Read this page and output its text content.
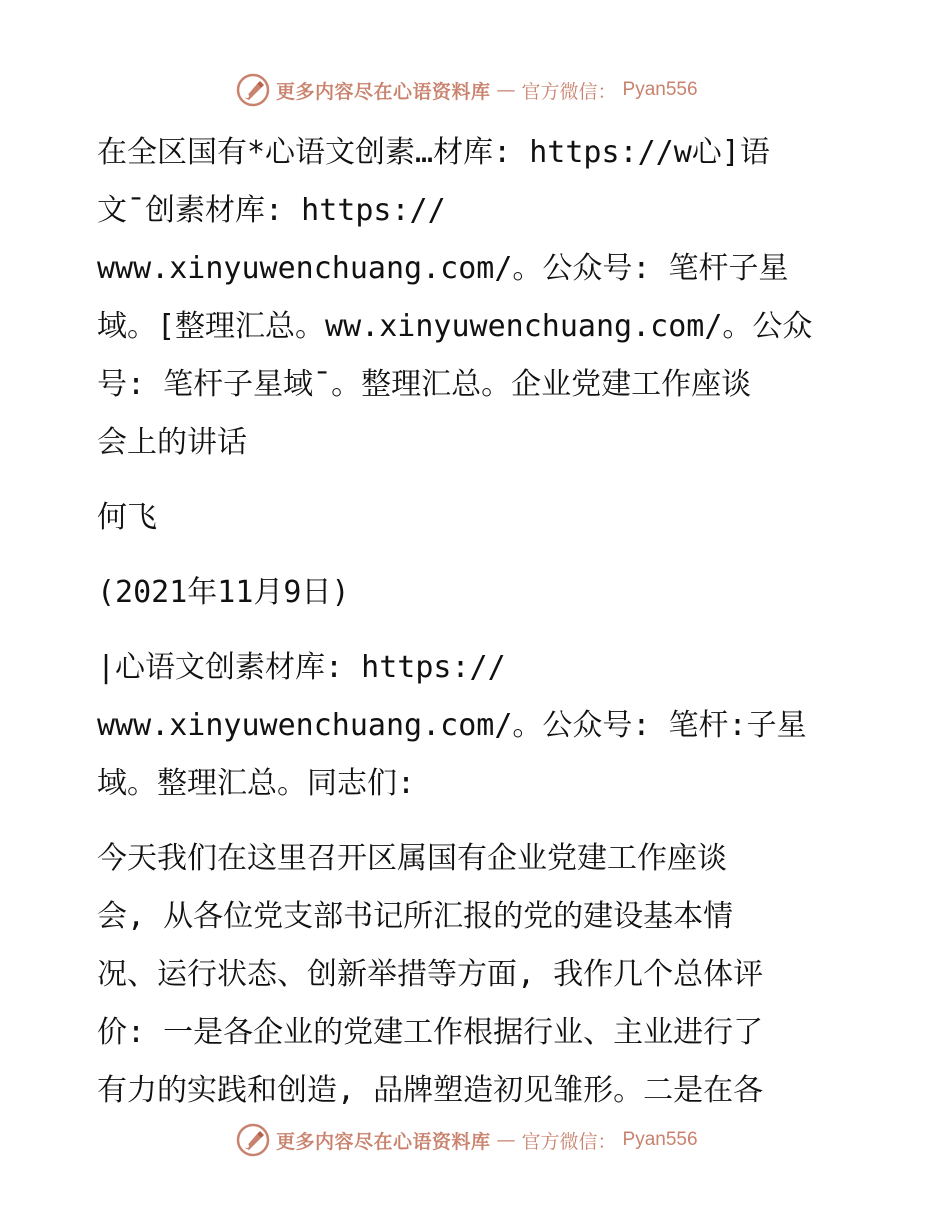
更多内容尽在心语资料库 — 官方微信： Pyan556

在全区国有*心语文创素…材库: https://w心]语
文¯创素材库: https://
www.xinyuwenchuang.com/。公众号: 笔杆子星
域。[整理汇总。ww.xinyuwenchuang.com/。公众
号: 笔杆子星域¯。整理汇总。企业党建工作座谈
会上的讲话

何飞

(2021年11月9日)

|心语文创素材库: https://
www.xinyuwenchuang.com/。公众号: 笔杆:子星
域。整理汇总。同志们:

今天我们在这里召开区属国有企业党建工作座谈
会, 从各位党支部书记所汇报的党的建设基本情
况、运行状态、创新举措等方面, 我作几个总体评
价: 一是各企业的党建工作根据行业、主业进行了
有力的实践和创造, 品牌塑造初见雏形。二是在各

更多内容尽在心语资料库 — 官方微信： Pyan556
